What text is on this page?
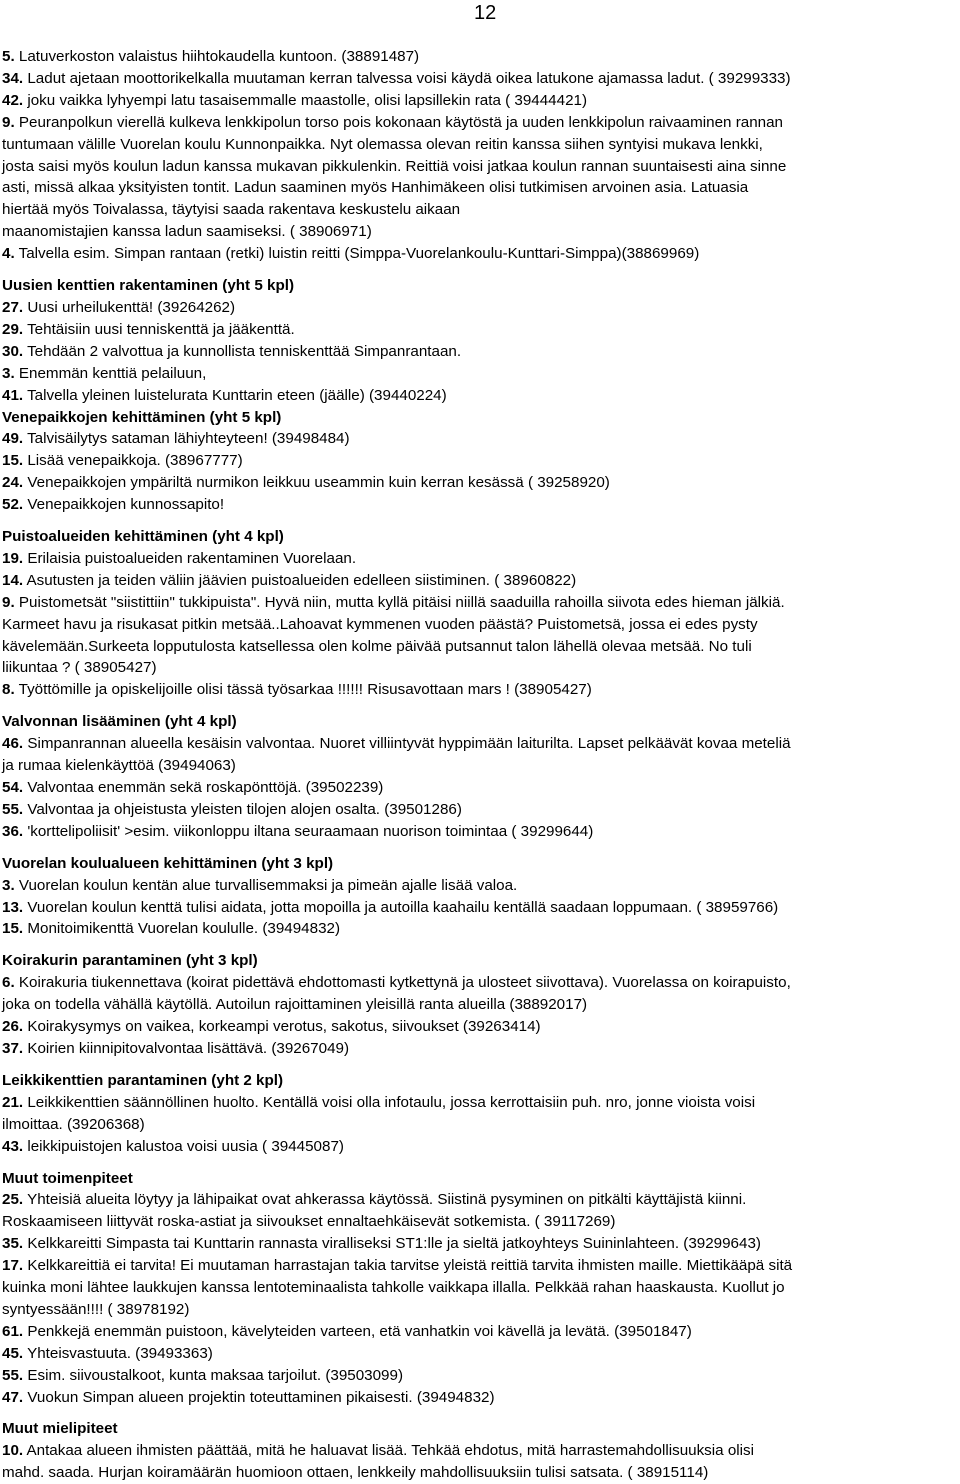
12
5. Latuverkoston valaistus hiihtokaudella kuntoon. (38891487)
34. Ladut ajetaan moottorikelkalla muutaman kerran talvessa voisi käydä oikea latukone ajamassa ladut. ( 39299333)
42. joku vaikka lyhyempi latu tasaisemmalle maastolle, olisi lapsillekin rata ( 39444421)
9. Peuranpolkun vierellä kulkeva lenkkipolun torso pois kokonaan käytöstä ja uuden lenkkipolun raivaaminen rannan
tuntumaan välille Vuorelan koulu Kunnonpaikka. Nyt olemassa olevan reitin kanssa siihen syntyisi mukava lenkki,
josta saisi myös koulun ladun kanssa mukavan pikkulenkin. Reittiä voisi jatkaa koulun rannan suuntaisesti aina sinne
asti, missä alkaa yksityisten tontit. Ladun saaminen myös Hanhimäkeen olisi tutkimisen arvoinen asia. Latuasia
hiertää myös Toivalassa, täytyisi saada rakentava keskustelu aikaan
maanomistajien kanssa ladun saamiseksi. ( 38906971)
4. Talvella esim. Simpan rantaan (retki) luistin reitti (Simppa-Vuorelankoulu-Kunttari-Simppa)(38869969)
Uusien kenttien rakentaminen (yht 5 kpl)
27. Uusi urheilukenttä! (39264262)
29. Tehtäisiin uusi tenniskenttä ja jääkenttä.
30. Tehdään 2 valvottua ja kunnollista tenniskenttää Simpanrantaan.
3. Enemmän kenttiä pelailuun,
41. Talvella yleinen luistelurata Kunttarin eteen (jäälle) (39440224)
Venepaikkojen kehittäminen (yht 5 kpl)
49. Talvisäilytys sataman lähiyhteyteen! (39498484)
15. Lisää venepaikkoja. (38967777)
24. Venepaikkojen ympäriltä nurmikon leikkuu useammin kuin kerran kesässä ( 39258920)
52. Venepaikkojen kunnossapito!
Puistoalueiden kehittäminen (yht 4 kpl)
19. Erilaisia puistoalueiden rakentaminen Vuorelaan.
14. Asutusten ja teiden väliin jäävien puistoalueiden edelleen siistiminen. ( 38960822)
9. Puistometsät "siistittiin" tukkipuista". Hyvä niin, mutta kyllä pitäisi niillä saaduilla rahoilla siivota edes hieman jälkiä.
Karmeet havu ja risukasat pitkin metsää..Lahoavat kymmenen vuoden päästä? Puistometsä, jossa ei edes pysty
kävelemään.Surkeeta lopputulosta katsellessa olen kolme päivää putsannut talon lähellä olevaa metsää. No tuli
liikuntaa ? ( 38905427)
8. Työttömille ja opiskelijoille olisi tässä työsarkaa !!!!!! Risusavottaan mars ! (38905427)
Valvonnan lisääminen (yht 4 kpl)
46. Simpanrannan alueella kesäisin valvontaa. Nuoret villiintyvät hyppimään laiturilta. Lapset pelkäävät kovaa meteliä
ja rumaa kielenkäyttöä (39494063)
54. Valvontaa enemmän sekä roskapönttöjä. (39502239)
55. Valvontaa ja ohjeistusta yleisten tilojen alojen osalta. (39501286)
36. 'korttelipoliisit' >esim. viikonloppu iltana seuraamaan nuorison toimintaa ( 39299644)
Vuorelan koulualueen kehittäminen (yht 3 kpl)
3. Vuorelan koulun kentän alue turvallisemmaksi ja pimeän ajalle lisää valoa.
13. Vuorelan koulun kenttä tulisi aidata, jotta mopoilla ja autoilla kaahailu kentällä saadaan loppumaan. ( 38959766)
15. Monitoimikenttä Vuorelan koululle. (39494832)
Koirakurin parantaminen (yht 3 kpl)
6. Koirakuria tiukennettava (koirat pidettävä ehdottomasti kytkettynä ja ulosteet siivottava). Vuorelassa on koirapuisto,
joka on todella vähällä käytöllä. Autoilun rajoittaminen yleisillä ranta alueilla (38892017)
26. Koirakysymys on vaikea, korkeampi verotus, sakotus, siivoukset (39263414)
37. Koirien kiinnipitovalvontaa lisättävä. (39267049)
Leikkikenttien parantaminen (yht 2 kpl)
21. Leikkikenttien säännöllinen huolto. Kentällä voisi olla infotaulu, jossa kerrottaisiin puh. nro, jonne vioista voisi
ilmoittaa. (39206368)
43. leikkipuistojen kalustoa voisi uusia ( 39445087)
Muut toimenpiteet
25. Yhteisiä alueita löytyy ja lähipaikat ovat ahkerassa käytössä. Siistinä pysyminen on pitkälti käyttäjistä kiinni.
Roskaamiseen liittyvät roska-astiat ja siivoukset ennaltaehkäisevät sotkemista. ( 39117269)
35. Kelkkareitti Simpasta tai Kunttarin rannasta viralliseksi ST1:lle ja sieltä jatkoyhteys Suininlahteen. (39299643)
17. Kelkkareittiä ei tarvita! Ei muutaman harrastajan takia tarvitse yleistä reittiä tarvita ihmisten maille. Miettikääpä sitä
kuinka moni lähtee laukkujen kanssa lentoteminaalista tahkolle vaikkapa illalla. Pelkkää rahan haaskausta. Kuollut jo
syntyessään!!!! ( 38978192)
61. Penkkejä enemmän puistoon, kävelyteiden varteen, etä vanhatkin voi kävellä ja levätä. (39501847)
45. Yhteisvastuuta. (39493363)
55. Esim. siivoustalkoot, kunta maksaa tarjoilut. (39503099)
47. Vuokun Simpan alueen projektin toteuttaminen pikaisesti. (39494832)
Muut mielipiteet
10. Antakaa alueen ihmisten päättää, mitä he haluavat lisää. Tehkää ehdotus, mitä harrastemahdollisuuksia olisi
mahd. saada. Hurjan koiramäärän huomioon ottaen, lenkkeily mahdollisuuksiin tulisi satsata. ( 38915114)
